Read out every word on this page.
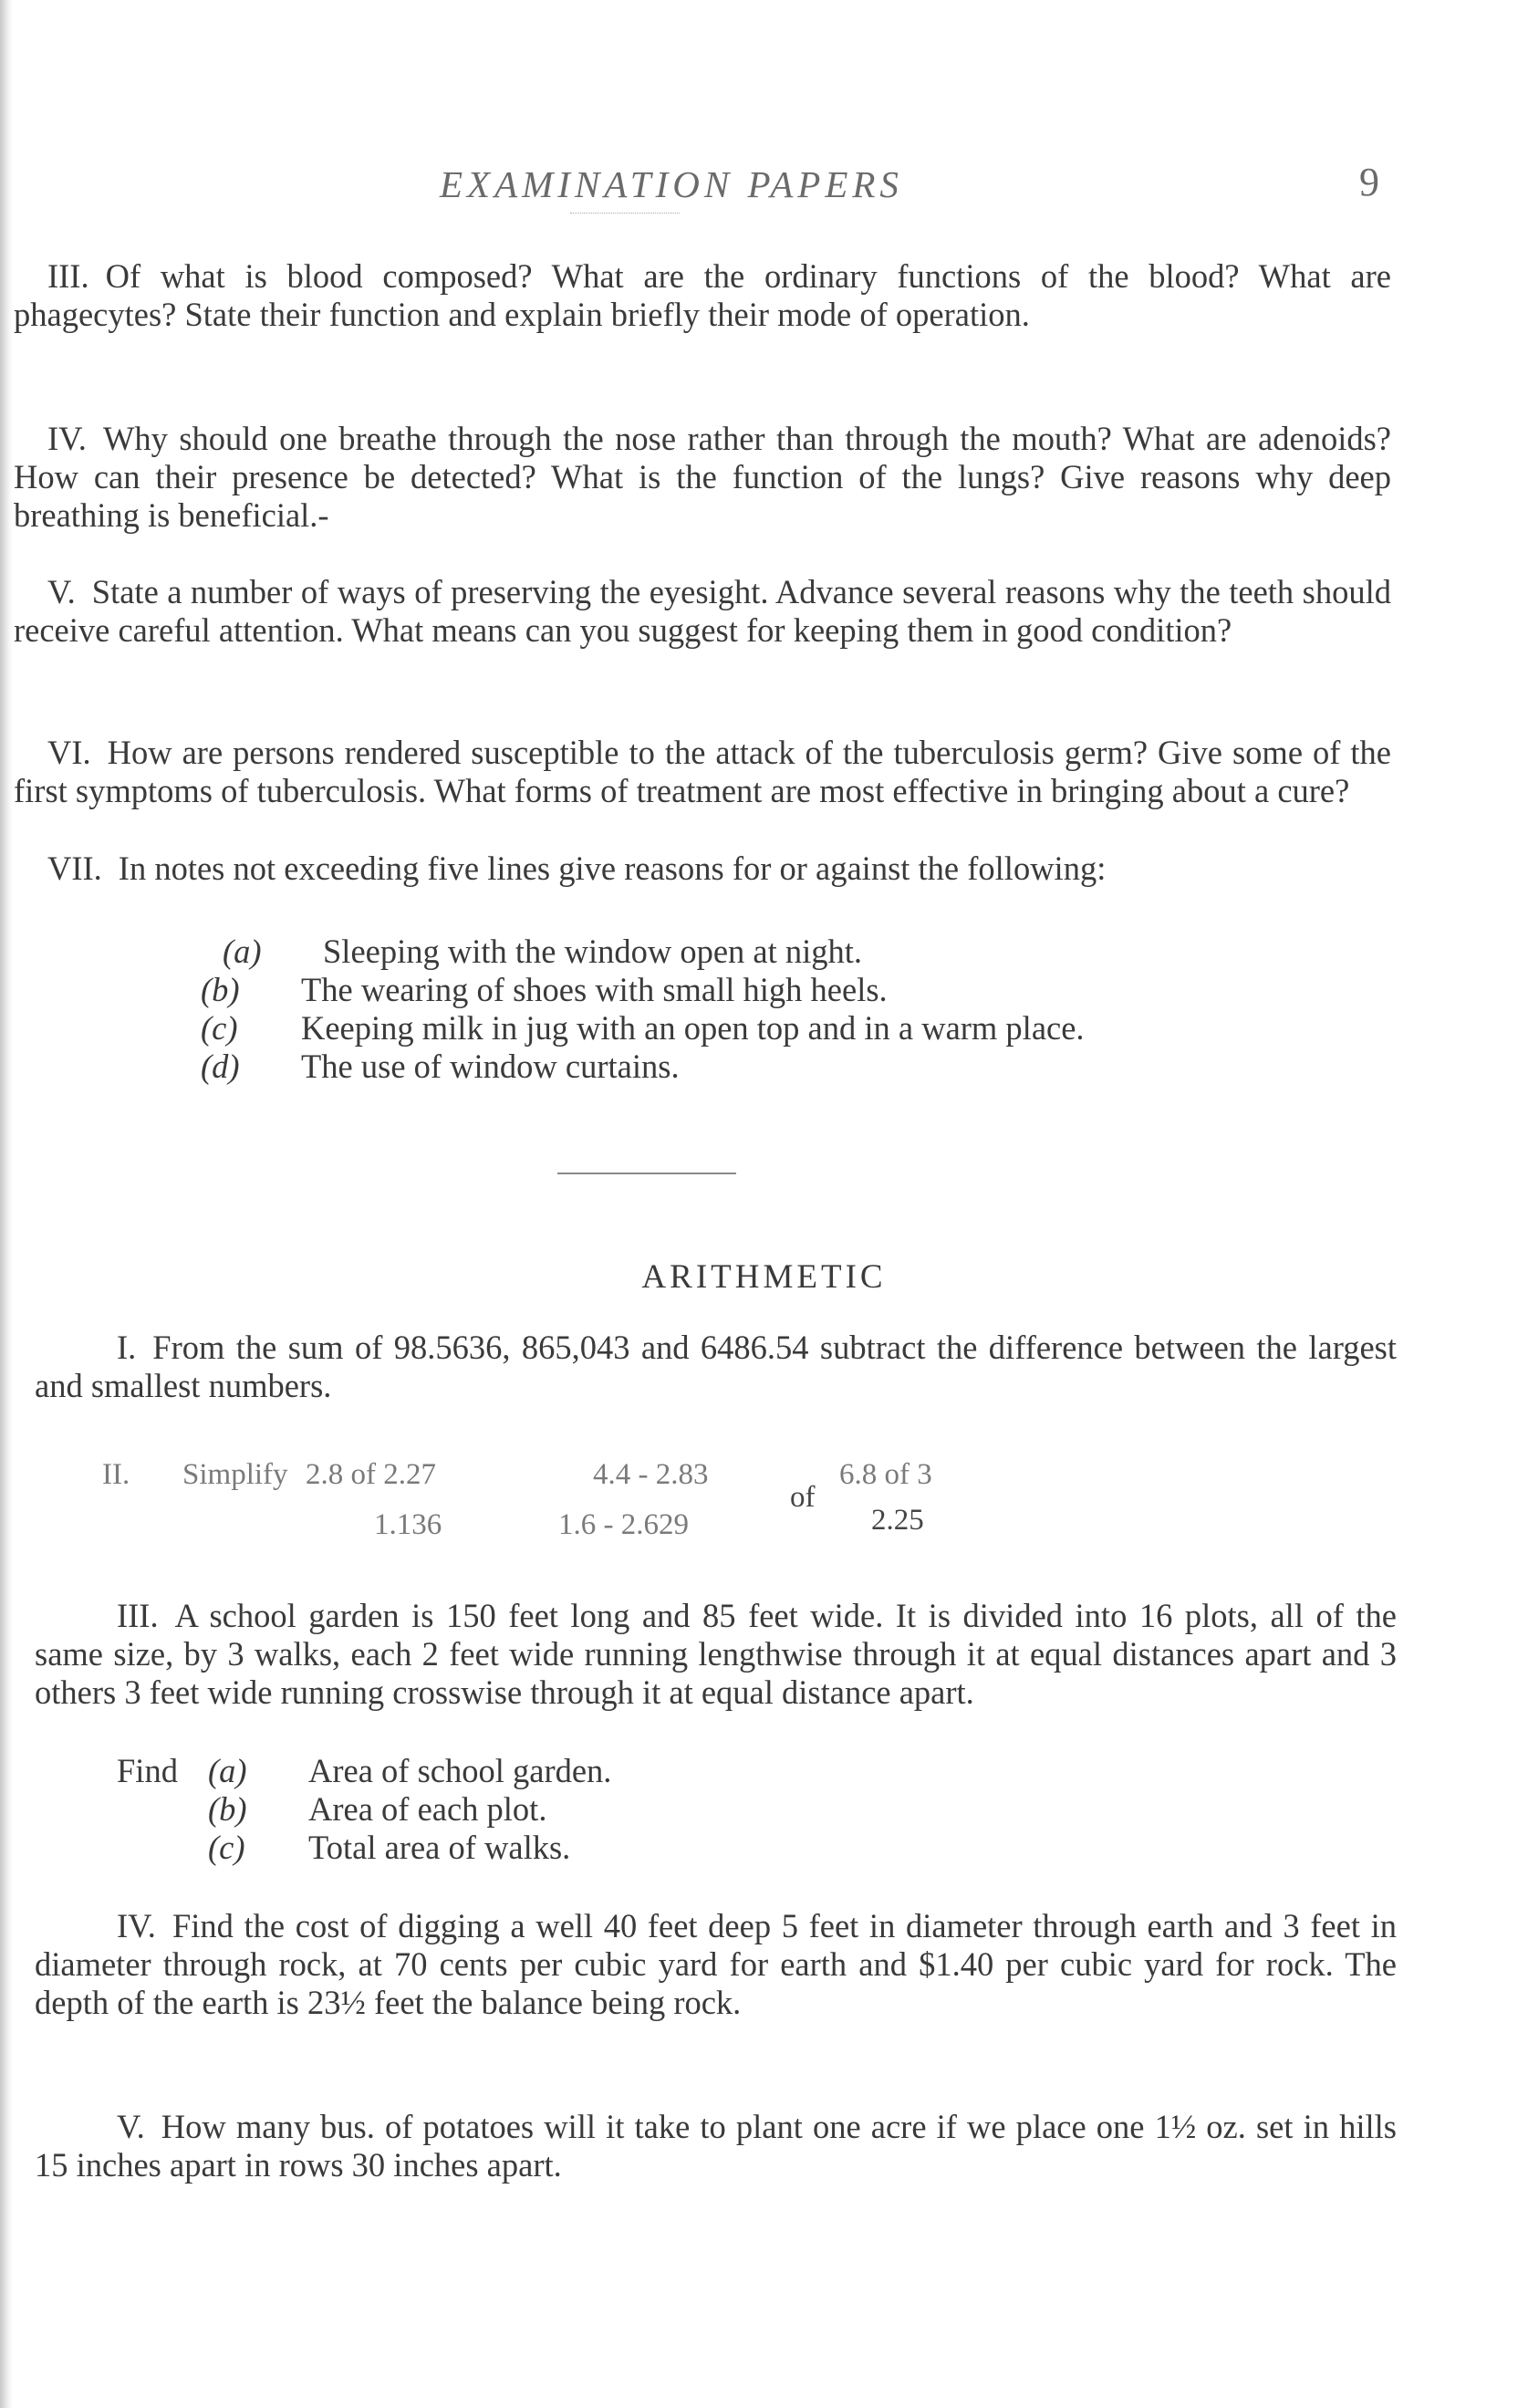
EXAMINATION PAPERS	9

III. Of what is blood composed? What are the ordinary functions of the blood? What are phagecytes? State their function and explain briefly their mode of operation.

IV. Why should one breathe through the nose rather than through the mouth? What are adenoids? How can their presence be detected? What is the function of the lungs? Give reasons why deep breathing is beneficial.-

V. State a number of ways of preserving the eyesight. Advance several reasons why the teeth should receive careful attention. What means can you suggest for keeping them in good condition?

VI. How are persons rendered susceptible to the attack of the tuberculosis germ? Give some of the first symptoms of tuberculosis. What forms of treatment are most effective in bringing about a cure?

VII. In notes not exceeding five lines give reasons for or against the following:

(a) Sleeping with the window open at night.
(b) The wearing of shoes with small high heels.
(c) Keeping milk in jug with an open top and in a warm place.
(d) The use of window curtains.
ARITHMETIC

I. From the sum of 98.5636, 865,043 and 6486.54 subtract the difference between the largest and smallest numbers.

II. Simplify 2.8 of 2.27
1.136
4.4 - 2.83
1.6 - 2.629
of
6.8 of 3
2.25

III. A school garden is 150 feet long and 85 feet wide. It is divided into 16 plots, all of the same size, by 3 walks, each 2 feet wide running lengthwise through it at equal distances apart and 3 others 3 feet wide running crosswise through it at equal distance apart.

Find (a) Area of school garden.
(b) Area of each plot.
(c) Total area of walks.

IV. Find the cost of digging a well 40 feet deep 5 feet in diameter through earth and 3 feet in diameter through rock, at 70 cents per cubic yard for earth and $1.40 per cubic yard for rock. The depth of the earth is 23½ feet the balance being rock.

V. How many bus. of potatoes will it take to plant one acre if we place one 1½ oz. set in hills 15 inches apart in rows 30 inches apart.
